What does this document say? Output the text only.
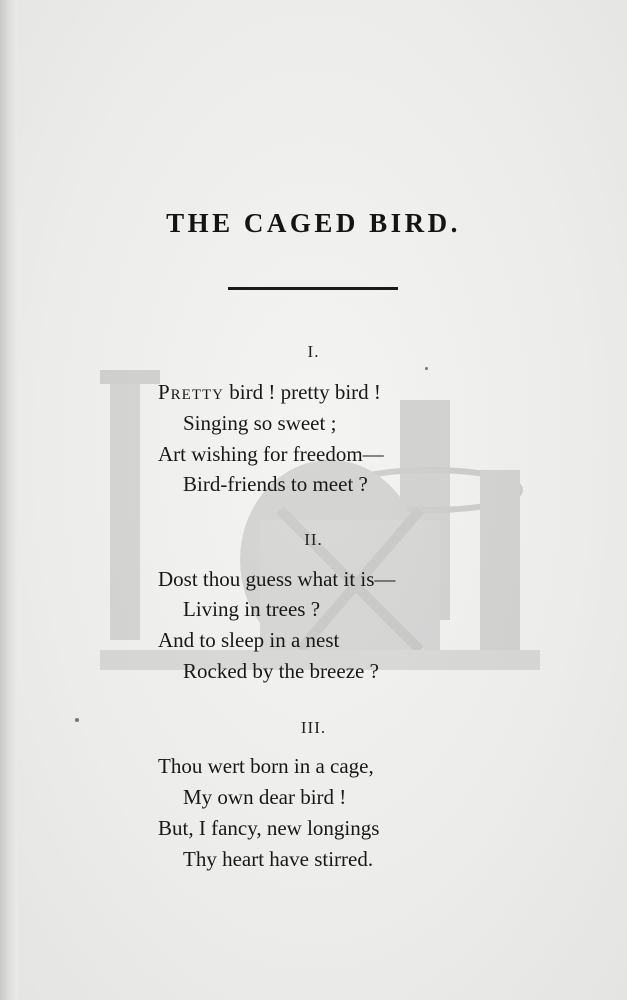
THE CAGED BIRD.
I.
Pretty bird ! pretty bird !
Singing so sweet ;
Art wishing for freedom—
Bird-friends to meet ?
II.
Dost thou guess what it is—
Living in trees ?
And to sleep in a nest
Rocked by the breeze ?
III.
Thou wert born in a cage,
My own dear bird !
But, I fancy, new longings
Thy heart have stirred.
